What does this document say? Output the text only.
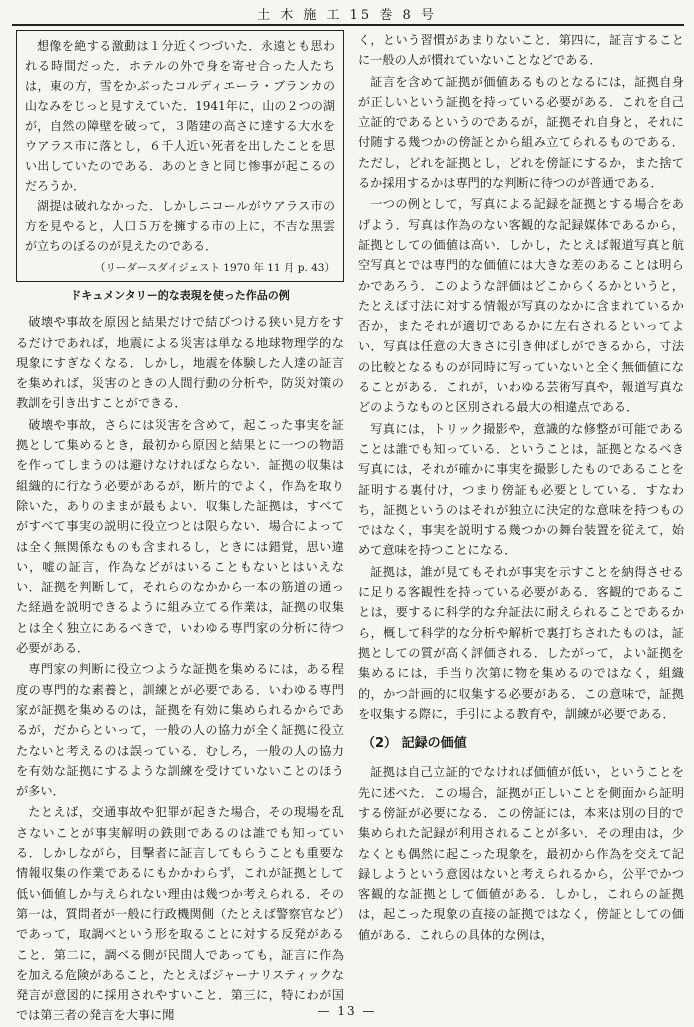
土 木 施 工 15 巻 8 号

想像を絶する激動は１分近くつづいた．永遠とも思われる時間だった．ホテルの外で身を寄せ合った人たちは，東の方，雪をかぶったコルディエーラ・ブランカの山なみをじっと見すえていた．1941年に，山の２つの湖が，自然の障壁を破って，３階建の高さに達する大水をウアラス市に落とし，６千人近い死者を出したことを思い出していたのである．あのときと同じ惨事が起こるのだろうか．

湖提は破れなかった．しかしニコールがウアラス市の方を見やると，人口５万を擁する市の上に，不吉な黒雲が立ちのぼるのが見えたのである．

（リーダースダイジェスト 1970 年 11 月 p. 43）
ドキュメンタリー的な表現を使った作品の例

破壊や事故を原因と結果だけで結びつける狭い見方をするだけであれば，地震による災害は単なる地球物理学的な現象にすぎなくなる．しかし，地震を体験した人達の証言を集めれば，災害のときの人間行動の分析や，防災対策の教訓を引き出すことができる．

破壊や事故，さらには災害を含めて，起こった事実を証拠として集めるとき，最初から原因と結果とに一つの物語を作ってしまうのは避けなければならない．証拠の収集は組織的に行なう必要があるが，断片的でよく，作為を取り除いた，ありのままが最もよい．収集した証拠は，すべてがすべて事実の説明に役立つとは限らない．場合によっては全く無関係なものも含まれるし，ときには錯覚，思い違い，嘘の証言，作為などがはいることもないとはいえない．証拠を判断して，それらのなかから一本の筋道の通った経過を説明できるように組み立てる作業は，証拠の収集とは全く独立にあるべきで，いわゆる専門家の分析に待つ必要がある．

専門家の判断に役立つような証拠を集めるには，ある程度の専門的な素養と，訓練とが必要である．いわゆる専門家が証拠を集めるのは，証拠を有効に集められるからであるが，だからといって，一般の人の協力が全く証拠に役立たないと考えるのは誤っている．むしろ，一般の人の協力を有効な証拠にするような訓練を受けていないことのほうが多い．

たとえば，交通事故や犯罪が起きた場合，その現場を乱さないことが事実解明の鉄則であるのは誰でも知っている．しかしながら，目撃者に証言してもらうことも重要な情報収集の作業であるにもかかわらず，これが証拠として低い価値しか与えられない理由は幾つか考えられる．その第一は，質問者が一般に行政機関側（たとえば警察官など）であって，取調べという形を取ることに対する反発があること．第二に，調べる側が民間人であっても，証言に作為を加える危険があること，たとえばジャーナリスティックな発言が意図的に採用されやすいこと．第三に，特にわが国では第三者の発言を大事に聞

く，という習慣があまりないこと．第四に，証言することに一般の人が慣れていないことなどである．

証言を含めて証拠が価値あるものとなるには，証拠自身が正しいという証拠を持っている必要がある．これを自己立証的であるというのであるが，証拠それ自身と，それに付随する幾つかの傍証とから組み立てられるものである．ただし，どれを証拠とし，どれを傍証にするか，また捨てるか採用するかは専門的な判断に待つのが普通である．

一つの例として，写真による記録を証拠とする場合をあげよう．写真は作為のない客観的な記録媒体であるから，証拠としての価値は高い．しかし，たとえば報道写真と航空写真とでは専門的な価値には大きな差のあることは明らかであろう．このような評価はどこからくるかというと，たとえば寸法に対する情報が写真のなかに含まれているか否か，またそれが適切であるかに左右されるといってよい．写真は任意の大きさに引き伸ばしができるから，寸法の比較となるものが同時に写っていないと全く無価値になることがある．これが，いわゆる芸術写真や，報道写真などのようなものと区別される最大の相違点である．

写真には，トリック撮影や，意識的な修整が可能であることは誰でも知っている．ということは，証拠となるべき写真には，それが確かに事実を撮影したものであることを証明する裏付け，つまり傍証も必要としている．すなわち，証拠というのはそれが独立に決定的な意味を持つものではなく，事実を説明する幾つかの舞台装置を従えて，始めて意味を持つことになる．

証拠は，誰が見てもそれが事実を示すことを納得させるに足りる客観性を持っている必要がある．客観的であることは，要するに科学的な弁証法に耐えられることであるから，概して科学的な分析や解析で裏打ちされたものは，証拠としての質が高く評価される．したがって，よい証拠を集めるには，手当り次第に物を集めるのではなく，組織的，かつ計画的に収集する必要がある．この意味で，証拠を収集する際に，手引による教育や，訓練が必要である．

（2） 記録の価値

証拠は自己立証的でなければ価値が低い，ということを先に述べた．この場合，証拠が正しいことを側面から証明する傍証が必要になる．この傍証には，本来は別の目的で集められた記録が利用されることが多い．その理由は，少なくとも偶然に起こった現象を，最初から作為を交えて記録しようという意図はないと考えられるから，公平でかつ客観的な証拠として価値がある．しかし，これらの証拠は，起こった現象の直接の証拠ではなく，傍証としての価値がある．これらの具体的な例は，

— 13 —
